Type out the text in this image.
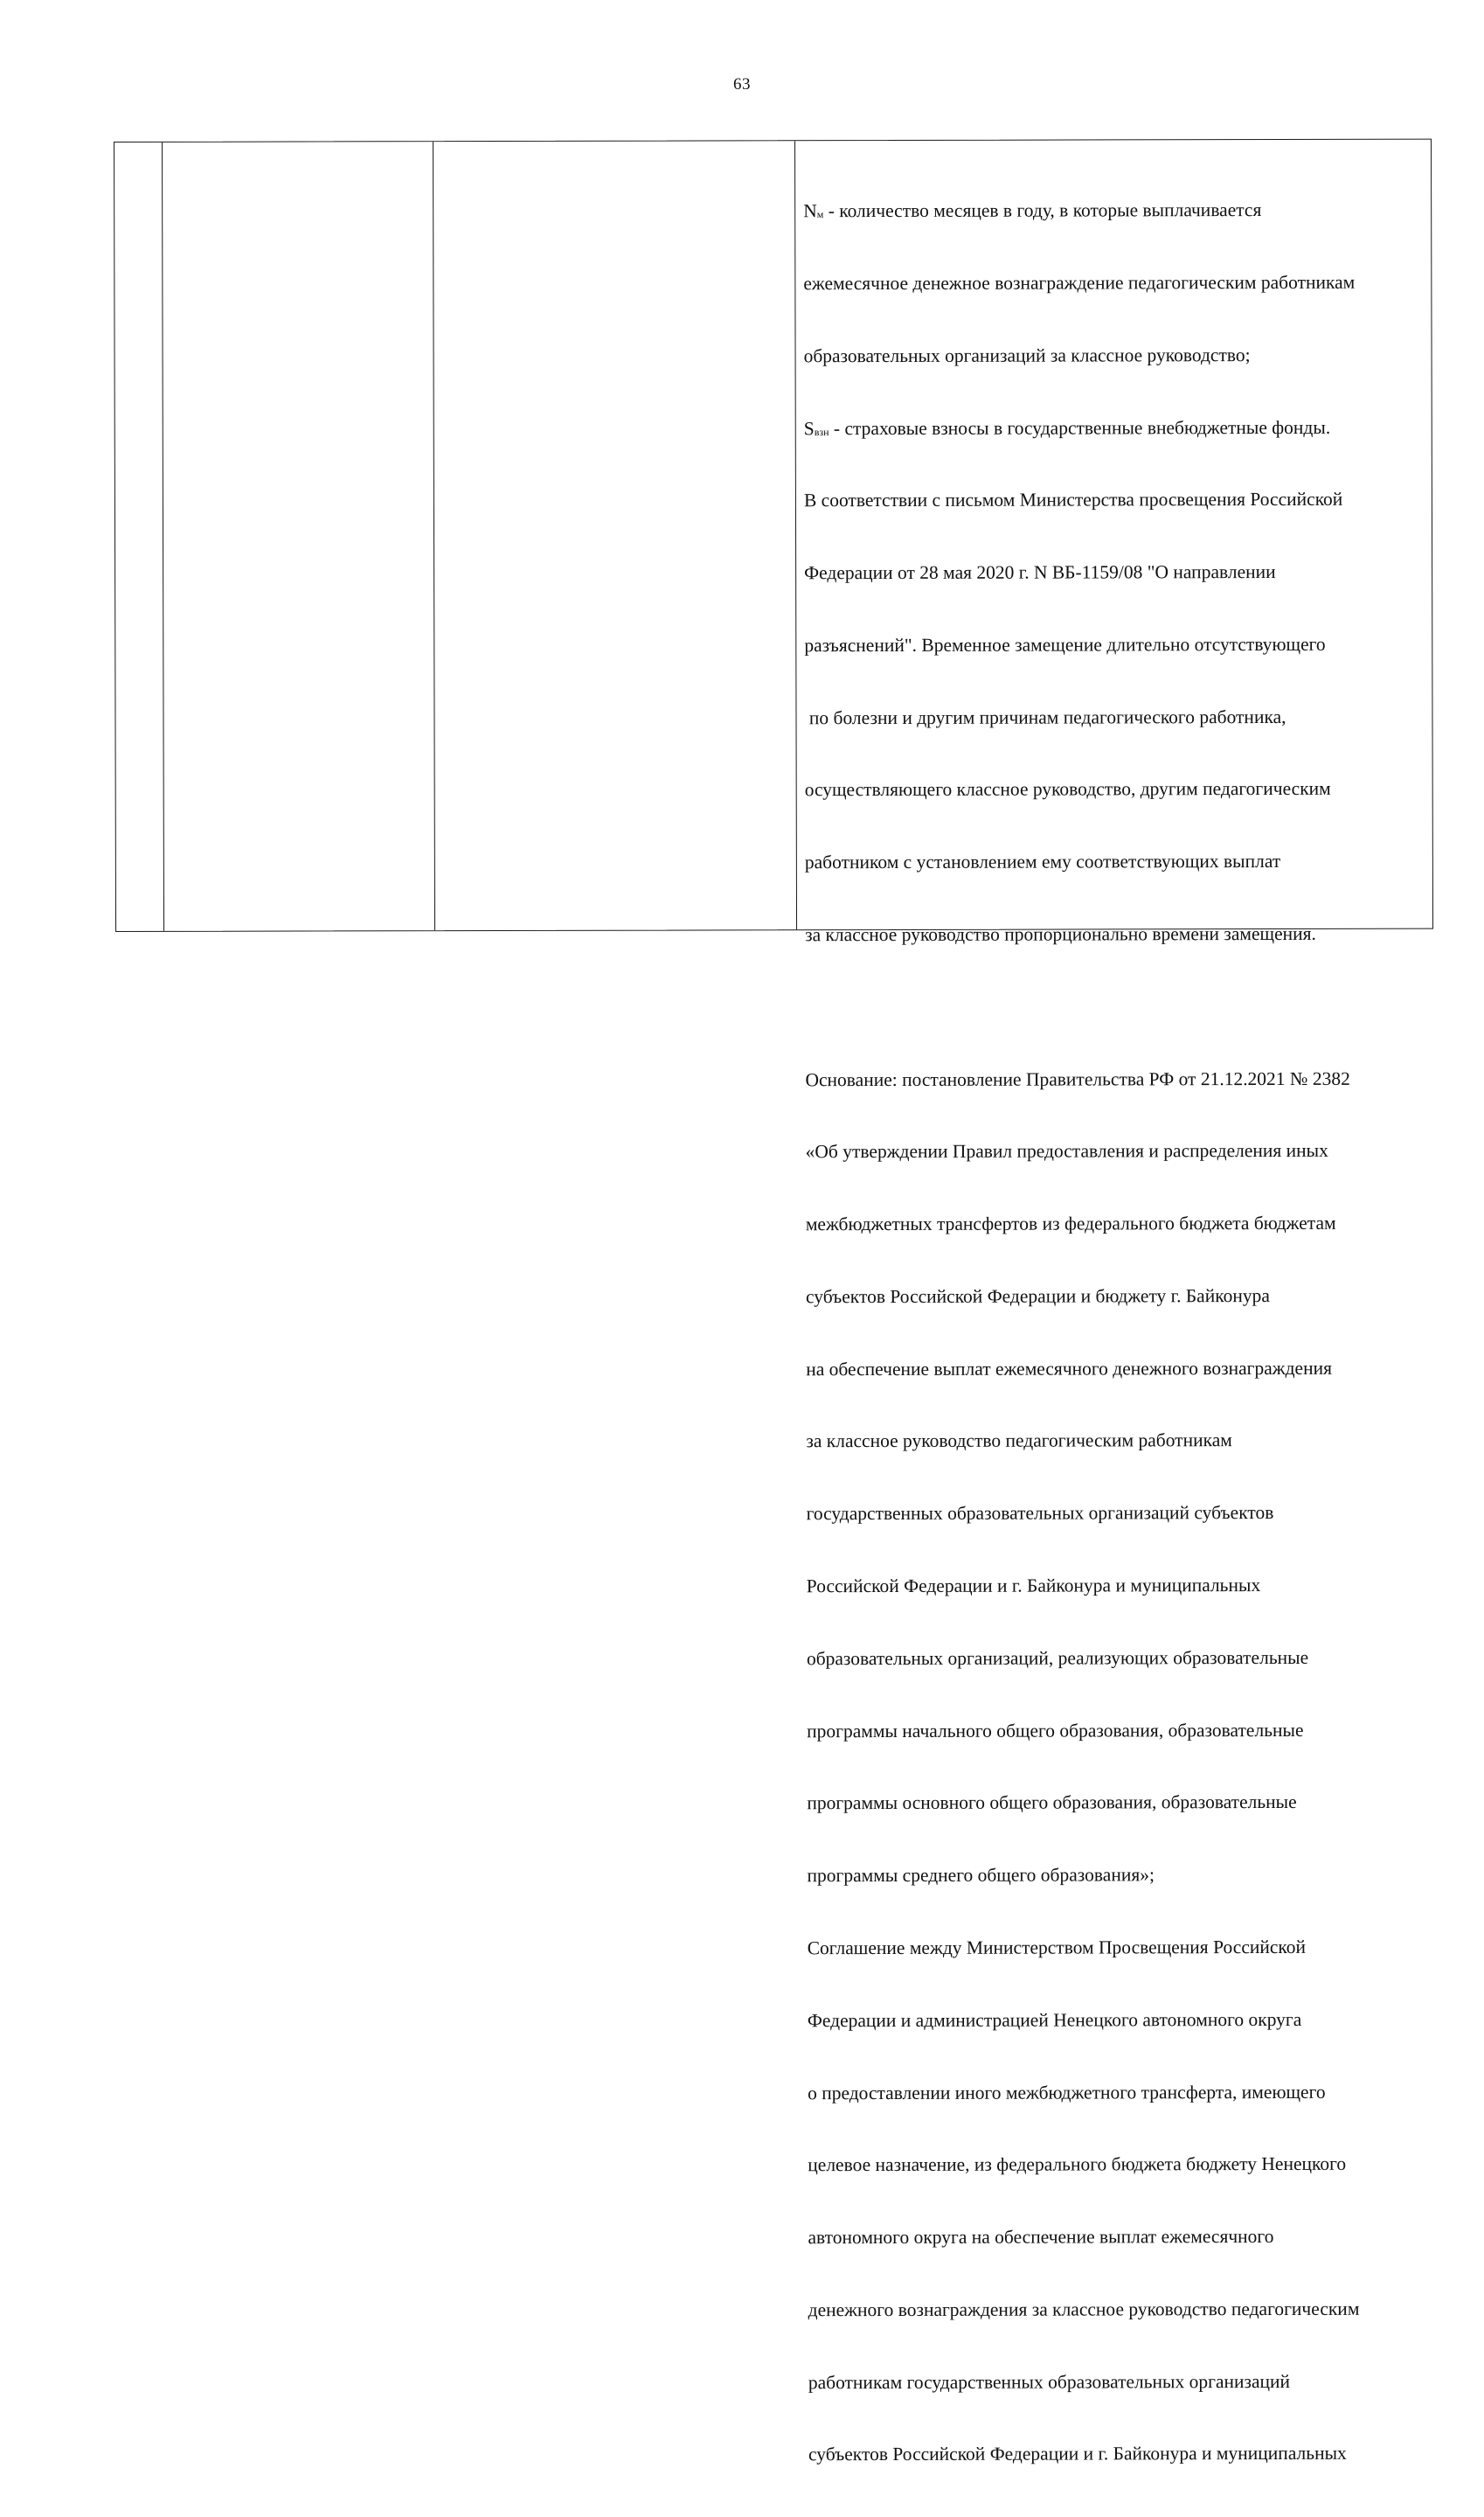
63

$N_м$ - количество месяцев в году, в которые выплачивается

ежемесячное денежное вознаграждение педагогическим работникам

образовательных организаций за классное руководство;

$S_{взн}$ - страховые взносы в государственные внебюджетные фонды.

В соответствии с письмом Министерства просвещения Российской

Федерации от 28 мая 2020 г. N ВБ-1159/08 "О направлении

разъяснений". Временное замещение длительно отсутствующего

по болезни и другим причинам педагогического работника,

осуществляющего классное руководство, другим педагогическим

работником с установлением ему соответствующих выплат

за классное руководство пропорционально времени замещения.

Основание: постановление Правительства РФ от 21.12.2021 № 2382

«Об утверждении Правил предоставления и распределения иных

межбюджетных трансфертов из федерального бюджета бюджетам

субъектов Российской Федерации и бюджету г. Байконура

на обеспечение выплат ежемесячного денежного вознаграждения

за классное руководство педагогическим работникам

государственных образовательных организаций субъектов

Российской Федерации и г. Байконура и муниципальных

образовательных организаций, реализующих образовательные

программы начального общего образования, образовательные

программы основного общего образования, образовательные

программы среднего общего образования»;

Соглашение между Министерством Просвещения Российской

Федерации и администрацией Ненецкого автономного округа

о предоставлении иного межбюджетного трансферта, имеющего

целевое назначение, из федерального бюджета бюджету Ненецкого

автономного округа на обеспечение выплат ежемесячного

денежного вознаграждения за классное руководство педагогическим

работникам государственных образовательных организаций

субъектов Российской Федерации и г. Байконура и муниципальных
